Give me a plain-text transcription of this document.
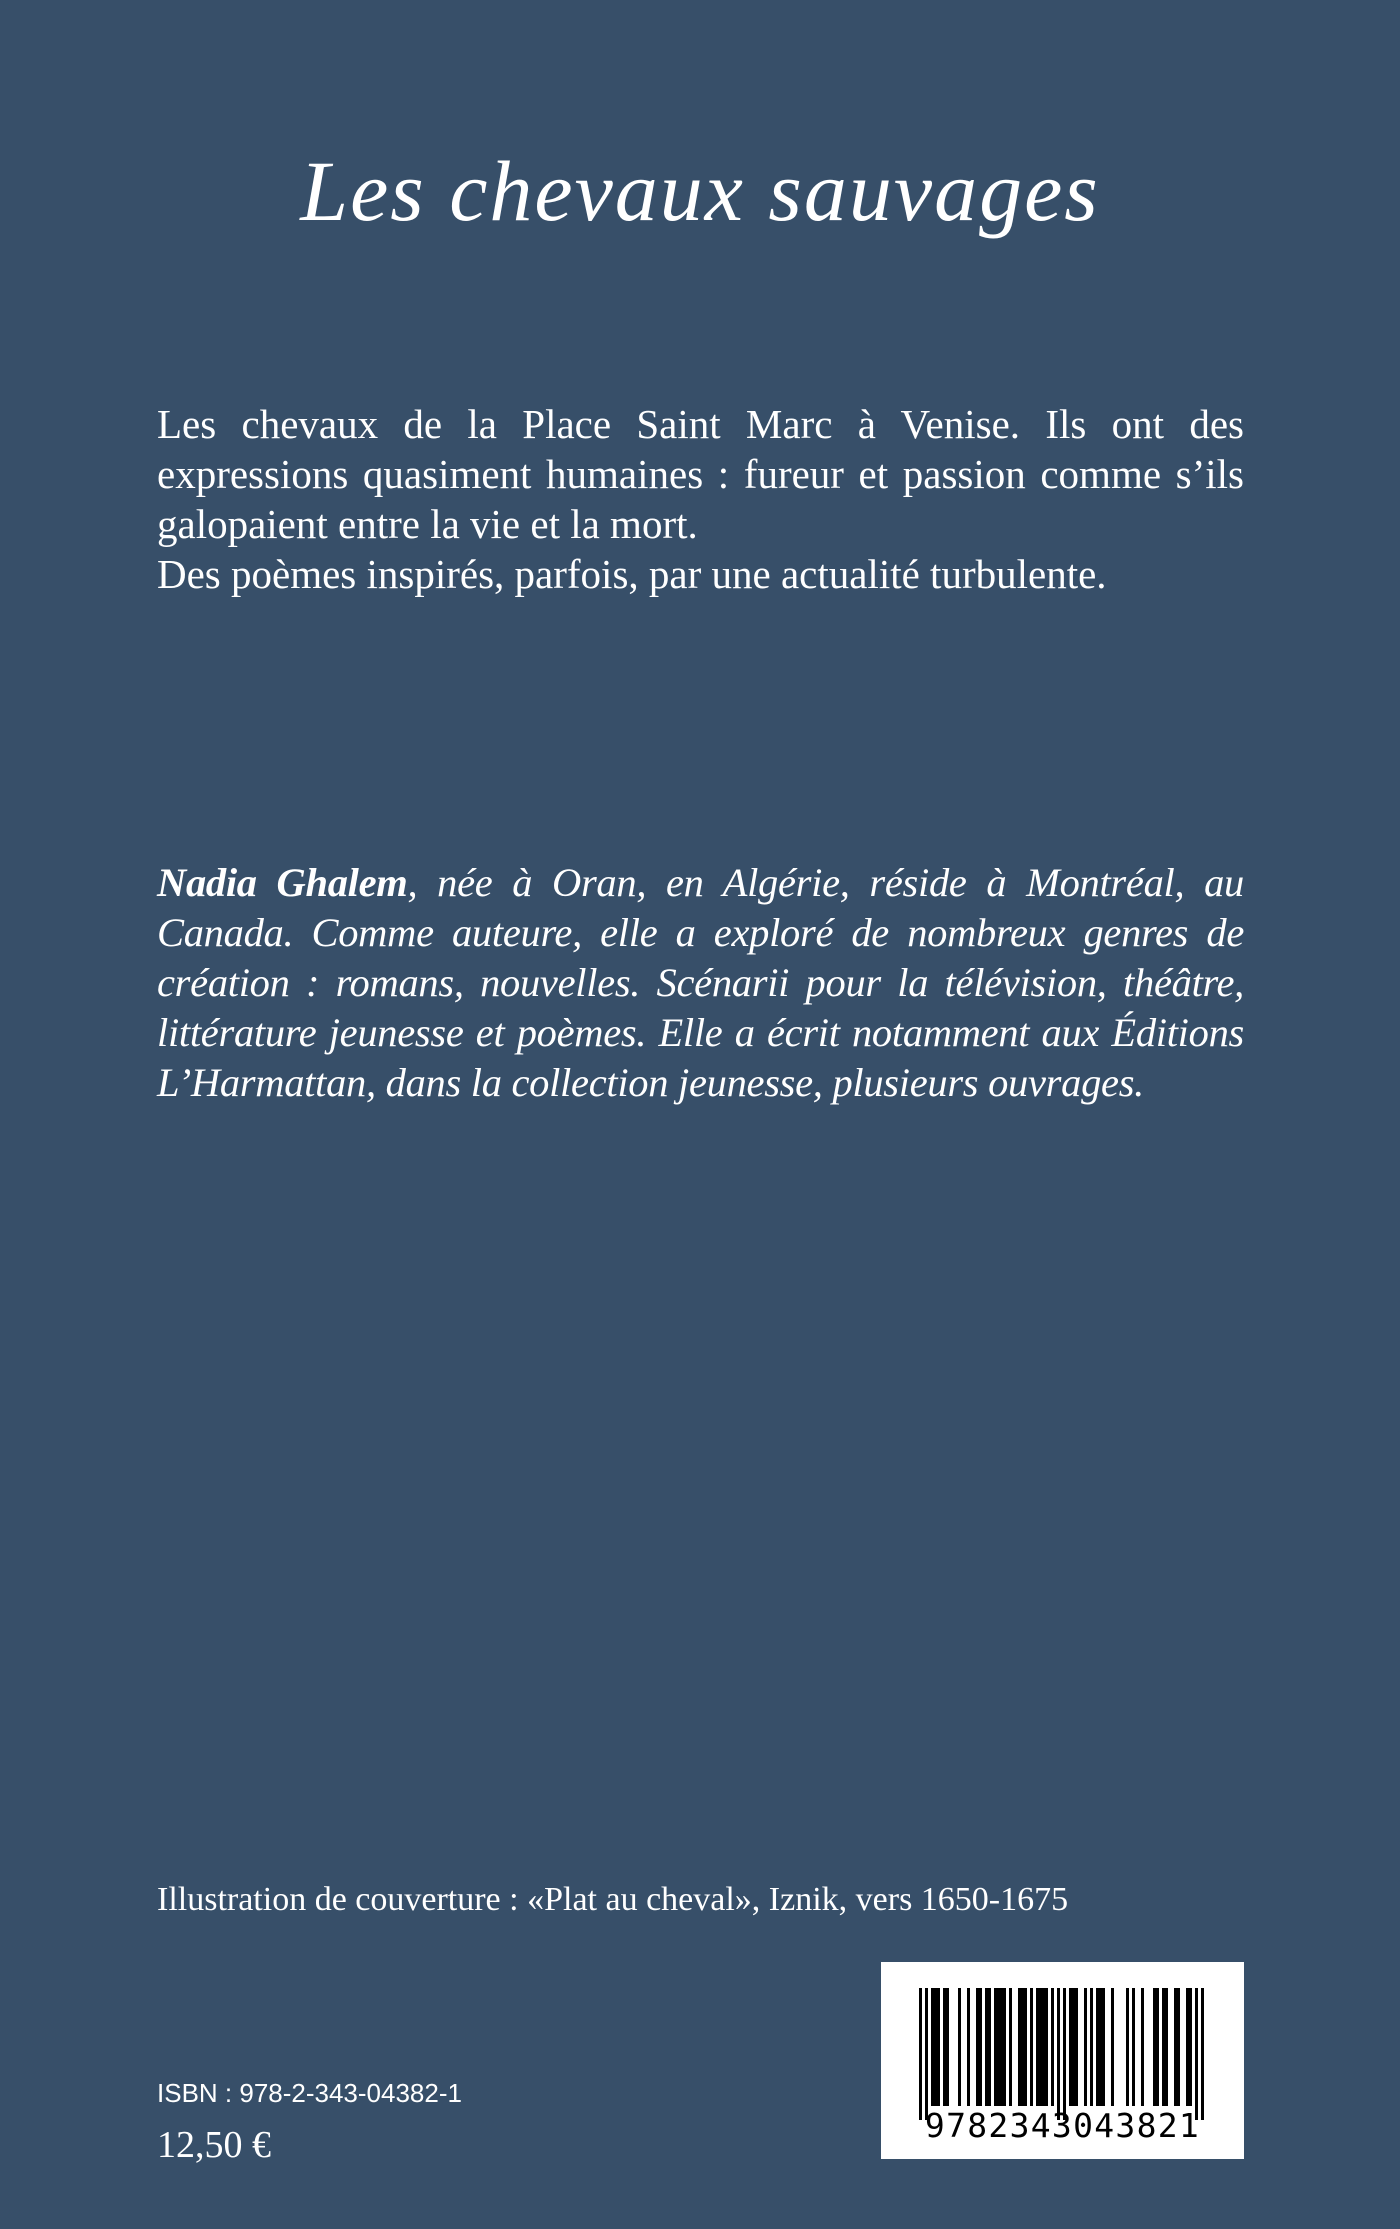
Les chevaux sauvages

Les chevaux de la Place Saint Marc à Venise. Ils ont des expressions quasiment humaines : fureur et passion comme s’ils galopaient entre la vie et la mort.

Des poèmes inspirés, parfois, par une actualité turbulente.

Nadia Ghalem, née à Oran, en Algérie, réside à Montréal, au Canada. Comme auteure, elle a exploré de nombreux genres de création : romans, nouvelles. Scénarii pour la télévision, théâtre, littérature jeunesse et poèmes. Elle a écrit notamment aux Éditions L’Harmattan, dans la collection jeunesse, plusieurs ouvrages.
Illustration de couverture : «Plat au cheval», Iznik, vers 1650-1675
ISBN : 978-2-343-04382-1
12,50 €	9782343043821
